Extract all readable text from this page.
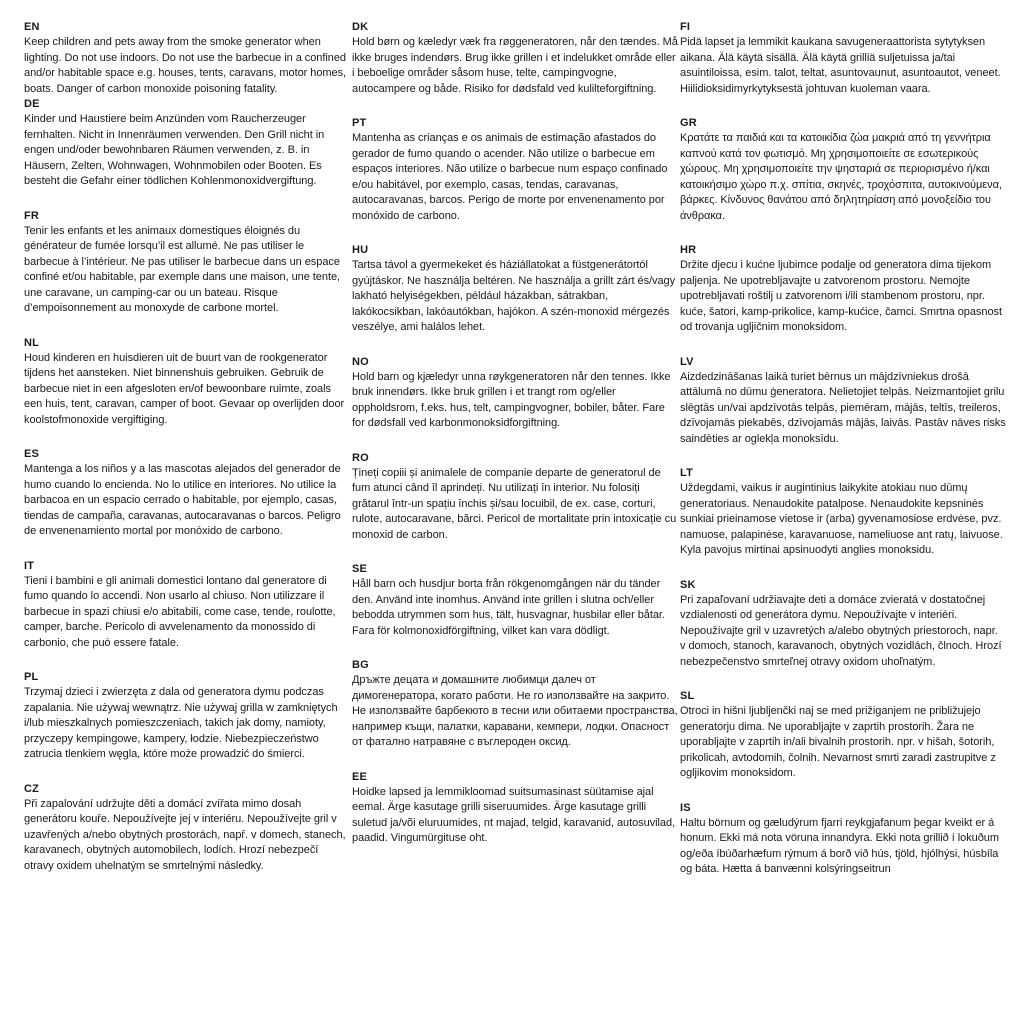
EN

Keep children and pets away from the smoke generator when lighting. Do not use indoors. Do not use the barbecue in a confined and/or habitable space e.g. houses, tents, caravans, motor homes, boats. Danger of carbon monoxide poisoning fatality.

DE

Kinder und Haustiere beim Anzünden vom Raucherzeuger fernhalten. Nicht in Innenräumen verwenden. Den Grill nicht in engen und/oder bewohnbaren Räumen verwenden, z. B. in Häusern, Zelten, Wohnwagen, Wohnmobilen oder Booten. Es besteht die Gefahr einer tödlichen Kohlenmonoxidvergiftung.

FR

Tenir les enfants et les animaux domestiques éloignés du générateur de fumée lorsqu’il est allumé. Ne pas utiliser le barbecue à l’intérieur. Ne pas utiliser le barbecue dans un espace confiné et/ou habitable, par exemple dans une maison, une tente, une caravane, un camping-car ou un bateau. Risque d’empoisonnement au monoxyde de carbone mortel.

NL

Houd kinderen en huisdieren uit de buurt van de rookgenerator tijdens het aansteken. Niet binnenshuis gebruiken. Gebruik de barbecue niet in een afgesloten en/of bewoonbare ruimte, zoals een huis, tent, caravan, camper of boot. Gevaar op overlijden door koolstofmonoxide vergiftiging.

ES

Mantenga a los niños y a las mascotas alejados del generador de humo cuando lo encienda. No lo utilice en interiores. No utilice la barbacoa en un espacio cerrado o habitable, por ejemplo, casas, tiendas de campaña, caravanas, autocaravanas o barcos. Peligro de envenenamiento mortal por monóxido de carbono.

IT

Tieni i bambini e gli animali domestici lontano dal generatore di fumo quando lo accendi. Non usarlo al chiuso. Non utilizzare il barbecue in spazi chiusi e/o abitabili, come case, tende, roulotte, camper, barche. Pericolo di avvelenamento da monossido di carbonio, che può essere fatale.

PL

Trzymaj dzieci i zwierzęta z dala od generatora dymu podczas zapalania. Nie używaj wewnątrz. Nie używaj grilla w zamkniętych i/lub mieszkalnych pomieszczeniach, takich jak domy, namioty, przyczepy kempingowe, kampery, łodzie. Niebezpieczeństwo zatrucia tlenkiem węgla, które może prowadzić do śmierci.

CZ

Při zapalování udržujte děti a domácí zvířata mimo dosah generátoru kouře. Nepoužívejte jej v interiéru. Nepoužívejte gril v uzavřených a/nebo obytných prostorách, např. v domech, stanech, karavanech, obytných automobilech, lodích. Hrozí nebezpečí otravy oxidem uhelnatým se smrtelnými následky.

DK

Hold børn og kæledyr væk fra røggeneratoren, når den tændes. Må ikke bruges indendørs. Brug ikke grillen i et indelukket område eller i beboelige områder såsom huse, telte, campingvogne, autocampere og både. Risiko for dødsfald ved kulilteforgiftning.

PT

Mantenha as crianças e os animais de estimação afastados do gerador de fumo quando o acender. Não utilize o barbecue em espaços interiores. Não utilize o barbecue num espaço confinado e/ou habitável, por exemplo, casas, tendas, caravanas, autocaravanas, barcos. Perigo de morte por envenenamento por monóxido de carbono.

HU

Tartsa távol a gyermekeket és háziállatokat a füstgenerátortól gyújtáskor. Ne használja beltéren. Ne használja a grillt zárt és/vagy lakható helyiségekben, például házakban, sátrakban, lakókocsikban, lakóautókban, hajókon. A szén-monoxid mérgezés veszélye, ami halálos lehet.

NO

Hold barn og kjæledyr unna røykgeneratoren når den tennes. Ikke bruk innendørs. Ikke bruk grillen i et trangt rom og/eller oppholdsrom, f.eks. hus, telt, campingvogner, bobiler, båter. Fare for dødsfall ved karbonmonoksidforgiftning.

RO

Țineți copiii și animalele de companie departe de generatorul de fum atunci când îl aprindeți. Nu utilizați în interior. Nu folosiți grătarul într-un spațiu închis și/sau locuibil, de ex. case, corturi, rulote, autocaravane, bărci. Pericol de mortalitate prin intoxicație cu monoxid de carbon.

SE

Håll barn och husdjur borta från rökgenomgången när du tänder den. Använd inte inomhus. Använd inte grillen i slutna och/eller bebodda utrymmen som hus, tält, husvagnar, husbilar eller båtar. Fara för kolmonoxidförgiftning, vilket kan vara dödligt.

BG

Дръжте децата и домашните любимци далеч от димогенератора, когато работи. Не го използвайте на закрито. Не използвайте барбекюто в тесни или обитаеми пространства, например къщи, палатки, каравани, кемпери, лодки. Опасност от фатално натравяне с въглероден оксид.

EE

Hoidke lapsed ja lemmikloomad suitsumasinast süütamise ajal eemal. Ärge kasutage grilli siseruumides. Ärge kasutage grilli suletud ja/või eluruumides, nt majad, telgid, karavanid, autosuvilad, paadid. Vingumürgituse oht.

FI

Pidä lapset ja lemmikit kaukana savugeneraattorista sytytyksen aikana. Älä käytä sisällä. Älä käytä grilliä suljetuissa ja/tai asuintiloissa, esim. talot, teltat, asuntovaunut, asuntoautot, veneet. Hiilidioksidimyrkytyksestä johtuvan kuoleman vaara.

GR

Κρατάτε τα παιδιά και τα κατοικίδια ζώα μακριά από τη γεννήτρια καπνού κατά τον φωτισμό. Μη χρησιμοποιείτε σε εσωτερικούς χώρους. Μη χρησιμοποιείτε την ψησταριά σε περιορισμένο ή/και κατοικήσιμο χώρο π.χ. σπίτια, σκηνές, τροχόσπιτα, αυτοκινούμενα, βάρκες. Κίνδυνος θανάτου από δηλητηρίαση από μονοξείδιο του άνθρακα.

HR

Držite djecu i kućne ljubimce podalje od generatora dima tijekom paljenja. Ne upotrebljavajte u zatvorenom prostoru. Nemojte upotrebljavati roštilj u zatvorenom i/ili stambenom prostoru, npr. kuće, šatori, kamp-prikolice, kamp-kućice, čamci. Smrtna opasnost od trovanja ugljičnim monoksidom.

LV

Aizdedzināšanas laikā turiet bērnus un mājdzīvniekus drošā attālumā no dūmu ģeneratora. Nelietojiet telpās. Neizmantojiet grilu slēgtās un/vai apdzīvotās telpās, piemēram, mājās, teltīs, treileros, dzīvojamās piekabēs, dzīvojamās mājās, laivās. Pastāv nāves risks saindēties ar oglekļa monoksīdu.

LT

Uždegdami, vaikus ir augintinius laikykite atokiau nuo dūmų generatoriaus. Nenaudokite patalpose. Nenaudokite kepsninės sunkiai prieinamose vietose ir (arba) gyvenamosiose erdvėse, pvz. namuose, palapinėse, karavanuose, nameliuose ant ratų, laivuose. Kyla pavojus mirtinai apsinuodyti anglies monoksidu.

SK

Pri zapaľovaní udržiavajte deti a domáce zvieratá v dostatočnej vzdialenosti od generátora dymu. Nepoužívajte v interiéri. Nepoužívajte gril v uzavretých a/alebo obytných priestoroch, napr. v domoch, stanoch, karavanoch, obytných vozidlách, člnoch. Hrozí nebezpečenstvo smrteľnej otravy oxidom uhoľnatým.

SL

Otroci in hišni ljubljenčki naj se med prižiganjem ne približujejo generatorju dima. Ne uporabljajte v zaprtih prostorih. Žara ne uporabljajte v zaprtih in/ali bivalnih prostorih. npr. v hišah, šotorih, prikolicah, avtodomih, čolnih. Nevarnost smrti zaradi zastrupitve z ogljikovim monoksidom.

IS

Haltu börnum og gæludýrum fjarri reykgjafanum þegar kveikt er á honum. Ekki má nota vöruna innandyra. Ekki nota grillið í lokuðum og/eða íbúðarhæfum rýmum á borð við hús, tjöld, hjólhýsi, húsbíla og báta. Hætta á banvænni kolsýringseitrun
